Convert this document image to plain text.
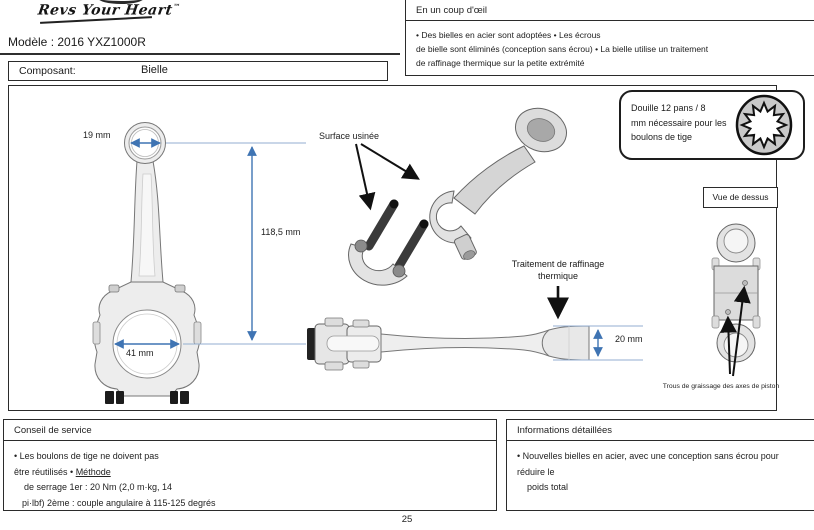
Revs Your Heart™
Modèle : 2016 YXZ1000R
Composant:	Bielle
En un coup d'œil
• Des bielles en acier sont adoptées • Les écrous
de bielle sont éliminés (conception sans écrou) • La bielle utilise un traitement
de raffinage thermique sur la petite extrémité
19 mm
118,5 mm
41 mm
20 mm
Surface usinée
Traitement de raffinage
thermique
Douille 12 pans / 8
mm nécessaire pour les
boulons de tige
Vue de dessus
Trous de graissage des axes de piston
Conseil de service
• Les boulons de tige ne doivent pas
être réutilisés • Méthode
de serrage 1er : 20 Nm (2,0 m·kg, 14
pi·lbf) 2ème : couple angulaire à 115-125 degrés
Informations détaillées
• Nouvelles bielles en acier, avec une conception sans écrou pour réduire le
poids total
25
